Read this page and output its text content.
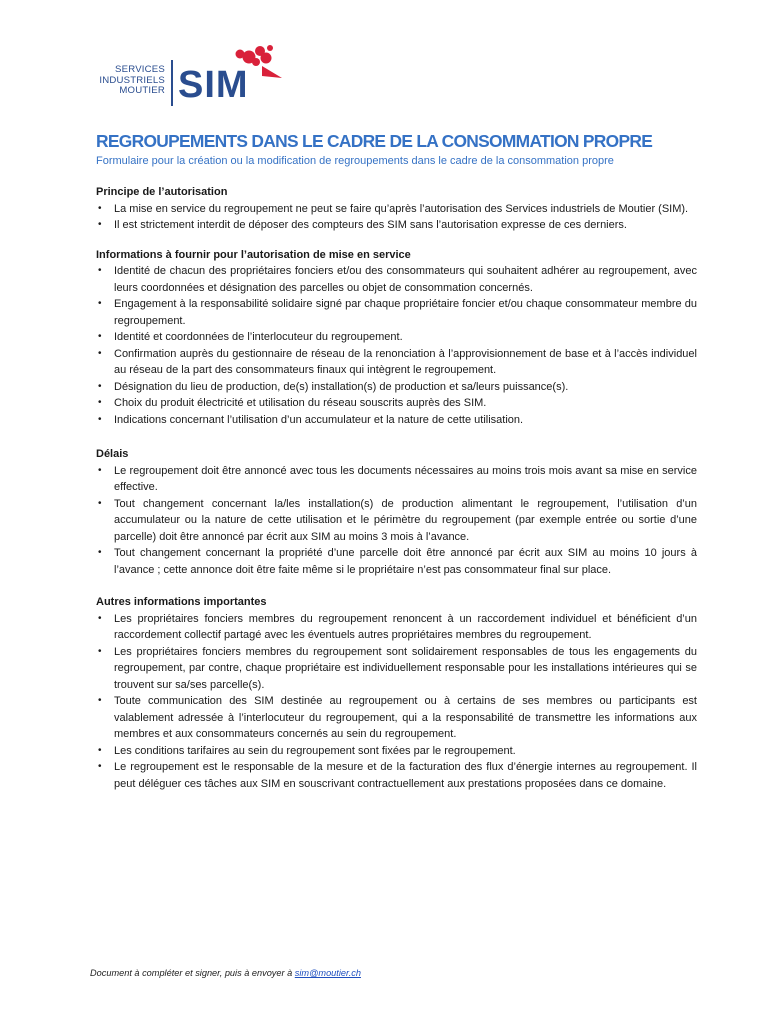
SERVICES
INDUSTRIELS
MOUTIER SIM
REGROUPEMENTS DANS LE CADRE DE LA CONSOMMATION PROPRE
Formulaire pour la création ou la modification de regroupements dans le cadre de la consommation propre
Principe de l’autorisation
• La mise en service du regroupement ne peut se faire qu’après l’autorisation des Services industriels de Moutier (SIM).
• Il est strictement interdit de déposer des compteurs des SIM sans l’autorisation expresse de ces derniers.
Informations à fournir pour l’autorisation de mise en service
• Identité de chacun des propriétaires fonciers et/ou des consommateurs qui souhaitent adhérer au regroupement, avec leurs coordonnées et désignation des parcelles ou objet de consommation concernés.
• Engagement à la responsabilité solidaire signé par chaque propriétaire foncier et/ou chaque consommateur membre du regroupement.
• Identité et coordonnées de l’interlocuteur du regroupement.
• Confirmation auprès du gestionnaire de réseau de la renonciation à l’approvisionnement de base et à l’accès individuel au réseau de la part des consommateurs finaux qui intègrent le regroupement.
• Désignation du lieu de production, de(s) installation(s) de production et sa/leurs puissance(s).
• Choix du produit électricité et utilisation du réseau souscrits auprès des SIM.
• Indications concernant l’utilisation d’un accumulateur et la nature de cette utilisation.
Délais
• Le regroupement doit être annoncé avec tous les documents nécessaires au moins trois mois avant sa mise en service effective.
• Tout changement concernant la/les installation(s) de production alimentant le regroupement, l’utilisation d’un accumulateur ou la nature de cette utilisation et le périmètre du regroupement (par exemple entrée ou sortie d’une parcelle) doit être annoncé par écrit aux SIM au moins 3 mois à l’avance.
• Tout changement concernant la propriété d’une parcelle doit être annoncé par écrit aux SIM au moins 10 jours à l’avance ; cette annonce doit être faite même si le propriétaire n’est pas consommateur final sur place.
Autres informations importantes
• Les propriétaires fonciers membres du regroupement renoncent à un raccordement individuel et bénéficient d’un raccordement collectif partagé avec les éventuels autres propriétaires membres du regroupement.
• Les propriétaires fonciers membres du regroupement sont solidairement responsables de tous les engagements du regroupement, par contre, chaque propriétaire est individuellement responsable pour les installations intérieures qui se trouvent sur sa/ses parcelle(s).
• Toute communication des SIM destinée au regroupement ou à certains de ses membres ou participants est valablement adressée à l’interlocuteur du regroupement, qui a la responsabilité de transmettre les informations aux membres et aux consommateurs concernés au sein du regroupement.
• Les conditions tarifaires au sein du regroupement sont fixées par le regroupement.
• Le regroupement est le responsable de la mesure et de la facturation des flux d’énergie internes au regroupement. Il peut déléguer ces tâches aux SIM en souscrivant contractuellement aux prestations proposées dans ce domaine.
Document à compléter et signer, puis à envoyer à sim@moutier.ch
